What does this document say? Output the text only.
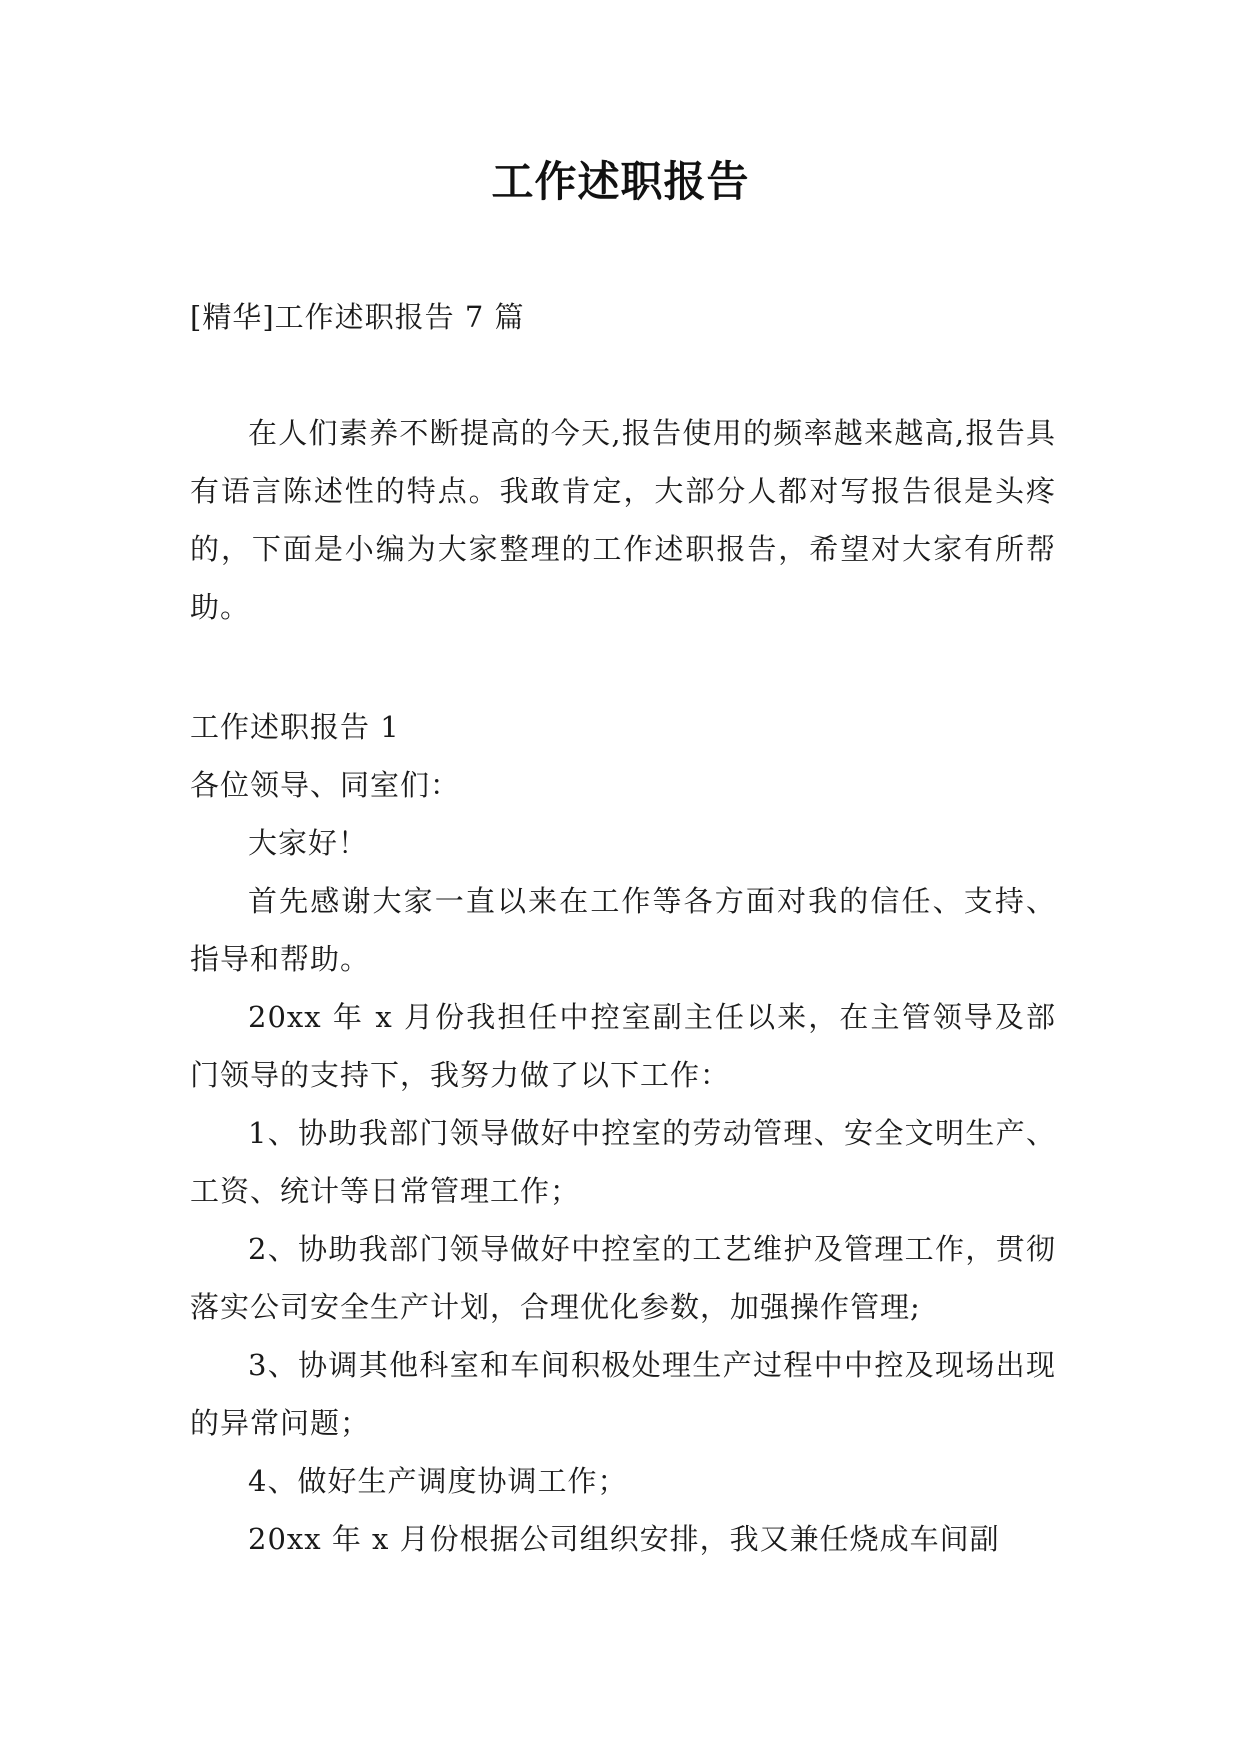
工作述职报告

[精华]工作述职报告 7 篇

在人们素养不断提高的今天,报告使用的频率越来越高,报告具有语言陈述性的特点。我敢肯定，大部分人都对写报告很是头疼的，下面是小编为大家整理的工作述职报告，希望对大家有所帮助。

工作述职报告 1

各位领导、同室们：

大家好！

首先感谢大家一直以来在工作等各方面对我的信任、支持、指导和帮助。

20xx 年 x 月份我担任中控室副主任以来，在主管领导及部门领导的支持下，我努力做了以下工作：

1、协助我部门领导做好中控室的劳动管理、安全文明生产、工资、统计等日常管理工作；

2、协助我部门领导做好中控室的工艺维护及管理工作，贯彻落实公司安全生产计划，合理优化参数，加强操作管理;

3、协调其他科室和车间积极处理生产过程中中控及现场出现的异常问题；

4、做好生产调度协调工作；

20xx 年 x 月份根据公司组织安排，我又兼任烧成车间副
